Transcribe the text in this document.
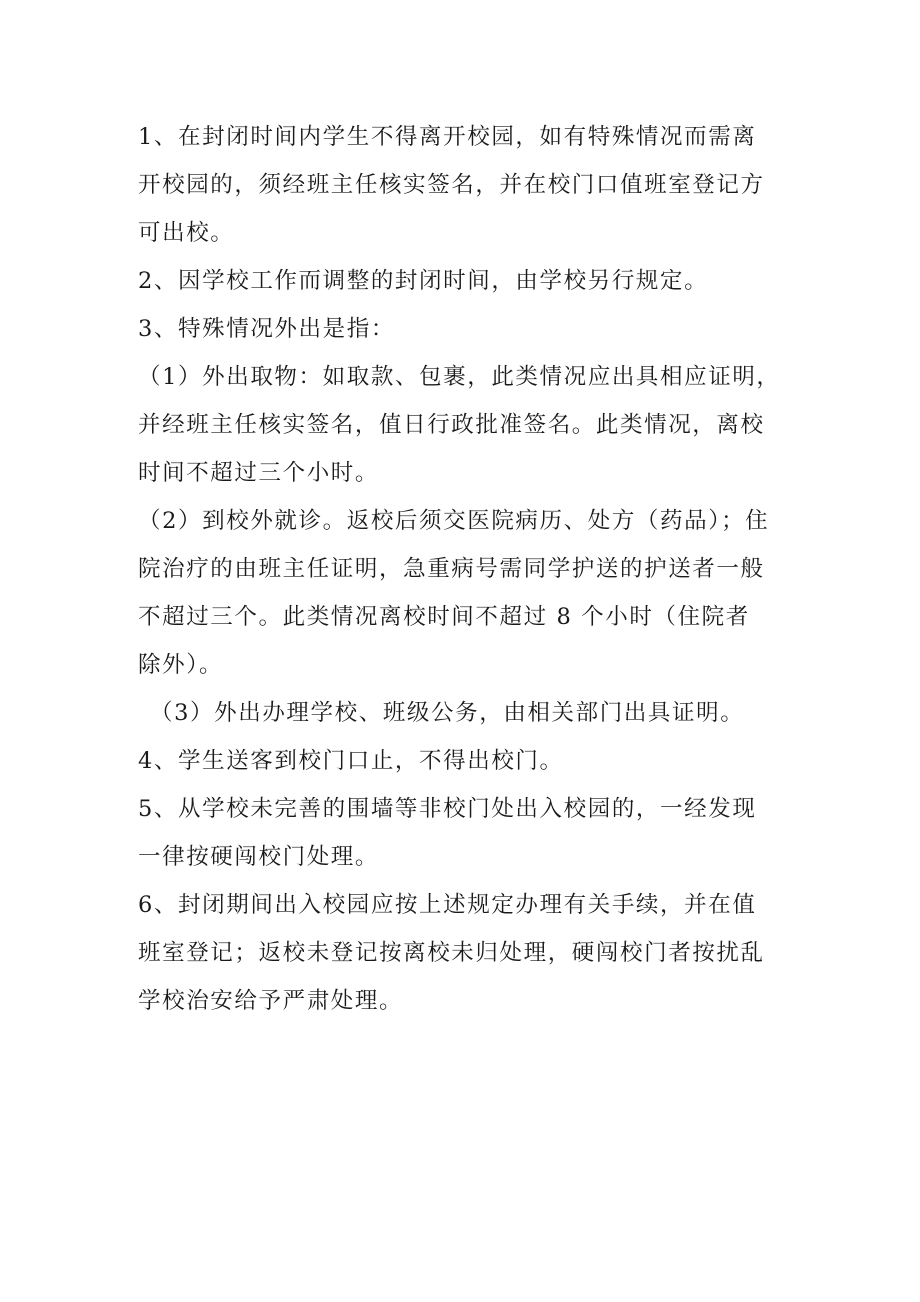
1、在封闭时间内学生不得离开校园，如有特殊情况而需离
开校园的，须经班主任核实签名，并在校门口值班室登记方
可出校。
2、因学校工作而调整的封闭时间，由学校另行规定。
3、特殊情况外出是指：
（1）外出取物：如取款、包裹，此类情况应出具相应证明，
并经班主任核实签名，值日行政批准签名。此类情况，离校
时间不超过三个小时。
（2）到校外就诊。返校后须交医院病历、处方（药品）；住
院治疗的由班主任证明，急重病号需同学护送的护送者一般
不超过三个。此类情况离校时间不超过 8 个小时（住院者
除外）。
（3）外出办理学校、班级公务，由相关部门出具证明。
4、学生送客到校门口止，不得出校门。
5、从学校未完善的围墙等非校门处出入校园的，一经发现
一律按硬闯校门处理。
6、封闭期间出入校园应按上述规定办理有关手续，并在值
班室登记；返校未登记按离校未归处理，硬闯校门者按扰乱
学校治安给予严肃处理。
